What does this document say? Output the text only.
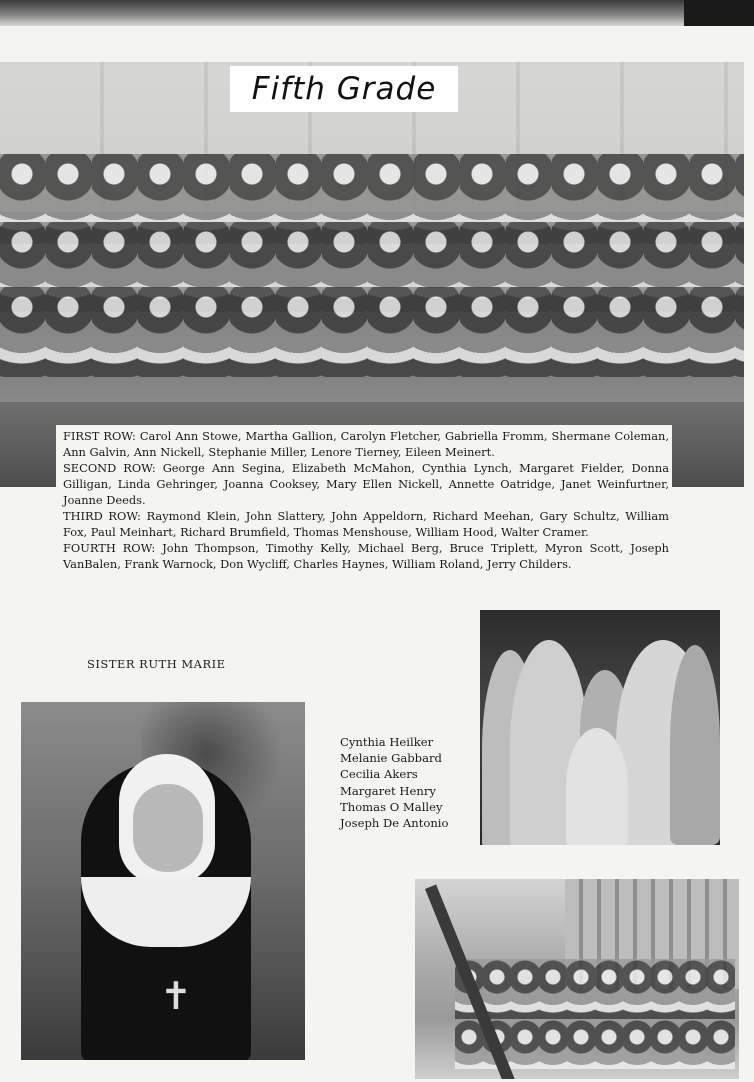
Fifth Grade

FIRST ROW: Carol Ann Stowe, Martha Gallion, Carolyn Fletcher, Gabriella Fromm, Shermane Coleman, Ann Galvin, Ann Nickell, Stephanie Miller, Lenore Tierney, Eileen Meinert.

SECOND ROW: George Ann Segina, Elizabeth McMahon, Cynthia Lynch, Margaret Fielder, Donna Gilligan, Linda Gehringer, Joanna Cooksey, Mary Ellen Nickell, Annette Oatridge, Janet Weinfurtner, Joanne Deeds.

THIRD ROW: Raymond Klein, John Slattery, John Appeldorn, Richard Meehan, Gary Schultz, William Fox, Paul Meinhart, Richard Brumfield, Thomas Menshouse, William Hood, Walter Cramer.

FOURTH ROW: John Thompson, Timothy Kelly, Michael Berg, Bruce Triplett, Myron Scott, Joseph VanBalen, Frank Warnock, Don Wycliff, Charles Haynes, William Roland, Jerry Childers.

SISTER RUTH MARIE
✝
Cynthia Heilker
Melanie Gabbard
Cecilia Akers
Margaret Henry
Thomas O Malley
Joseph De Antonio
